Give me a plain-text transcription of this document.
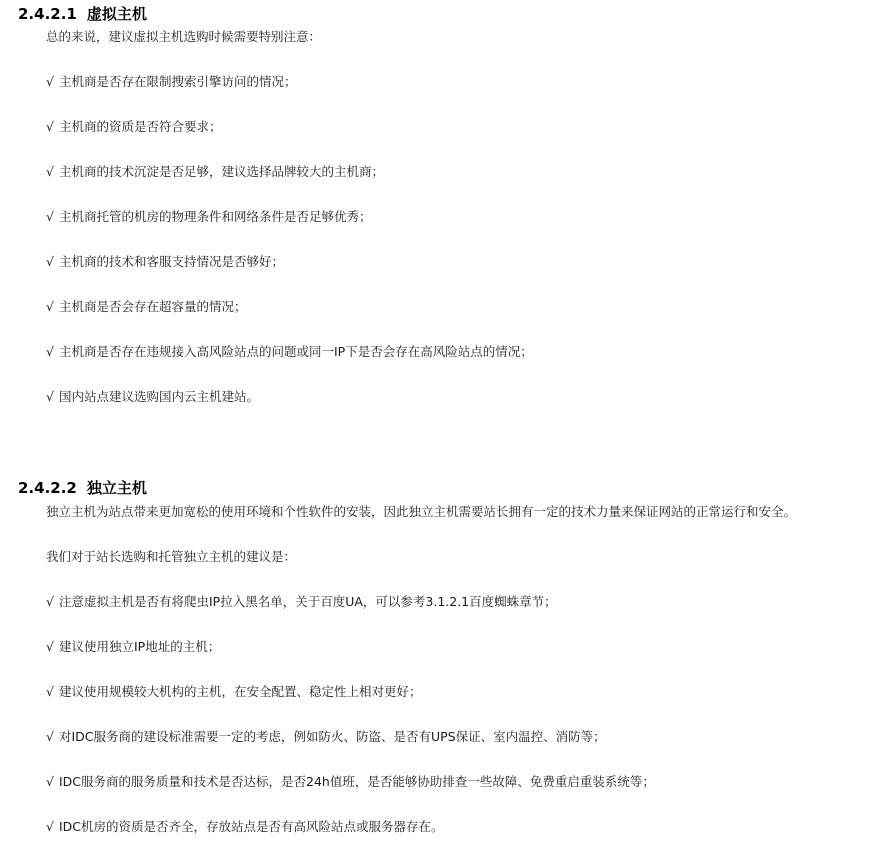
2.4.2.1 虚拟主机
总的来说，建议虚拟主机选购时候需要特别注意：
√ 主机商是否存在限制搜索引擎访问的情况；
√ 主机商的资质是否符合要求；
√ 主机商的技术沉淀是否足够，建议选择品牌较大的主机商；
√ 主机商托管的机房的物理条件和网络条件是否足够优秀；
√ 主机商的技术和客服支持情况是否够好；
√ 主机商是否会存在超容量的情况；
√ 主机商是否存在违规接入高风险站点的问题或同一IP下是否会存在高风险站点的情况；
√ 国内站点建议选购国内云主机建站。
2.4.2.2 独立主机
独立主机为站点带来更加宽松的使用环境和个性软件的安装，因此独立主机需要站长拥有一定的技术力量来保证网站的正常运行和安全。
我们对于站长选购和托管独立主机的建议是：
√ 注意虚拟主机是否有将爬虫IP拉入黑名单，关于百度UA，可以参考3.1.2.1百度蜘蛛章节；
√ 建议使用独立IP地址的主机；
√ 建议使用规模较大机构的主机，在安全配置、稳定性上相对更好；
√ 对IDC服务商的建设标准需要一定的考虑，例如防火、防盗、是否有UPS保证、室内温控、消防等；
√ IDC服务商的服务质量和技术是否达标，是否24h值班，是否能够协助排查一些故障、免费重启重装系统等；
√ IDC机房的资质是否齐全，存放站点是否有高风险站点或服务器存在。
